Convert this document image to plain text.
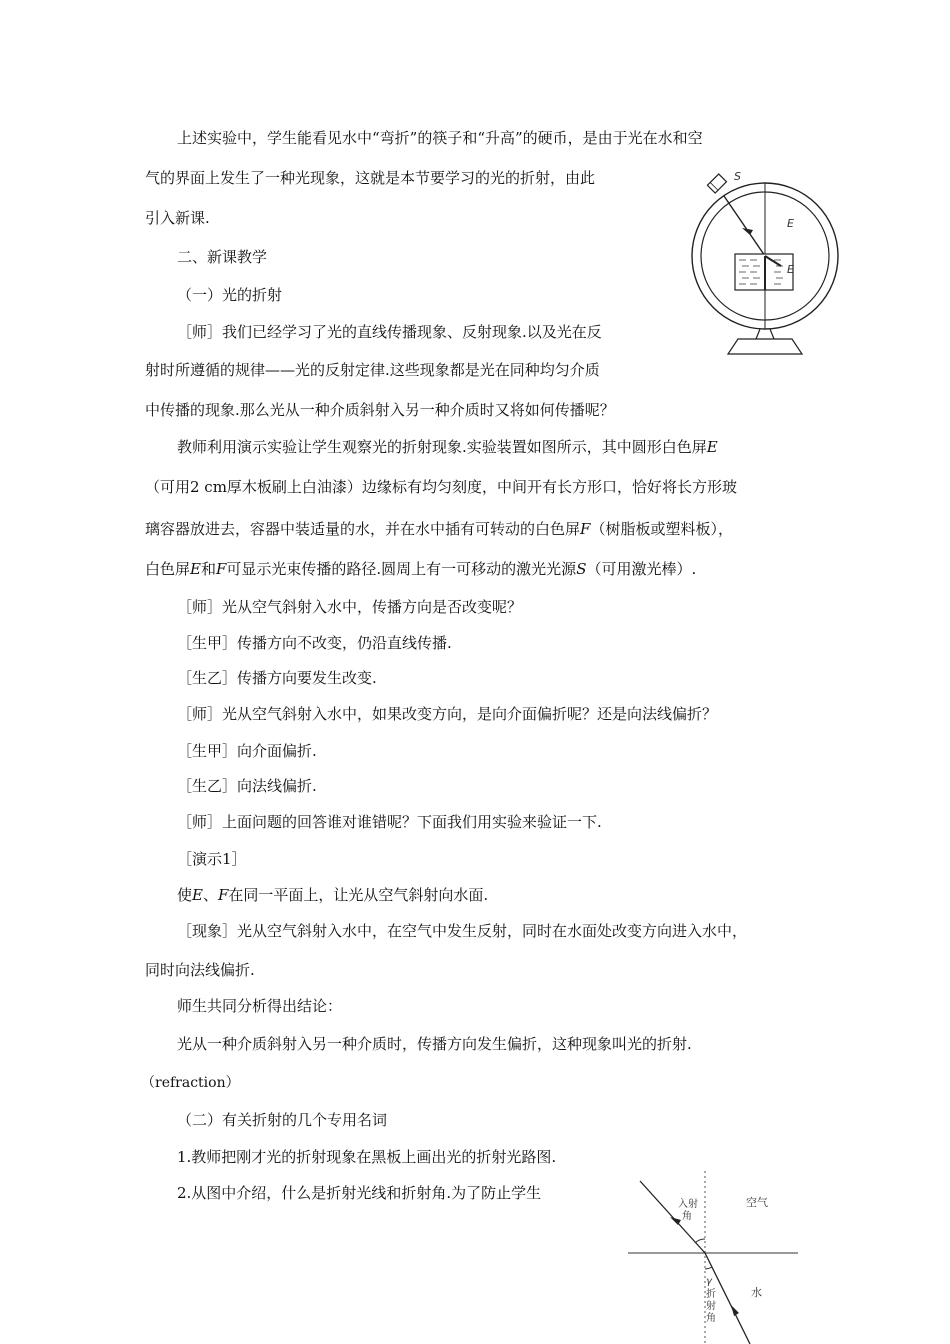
上述实验中，学生能看见水中“弯折”的筷子和“升高”的硬币，是由于光在水和空
气的界面上发生了一种光现象，这就是本节要学习的光的折射，由此
引入新课.
二、新课教学
（一）光的折射
［师］我们已经学习了光的直线传播现象、反射现象.以及光在反
射时所遵循的规律——光的反射定律.这些现象都是光在同种均匀介质
中传播的现象.那么光从一种介质斜射入另一种介质时又将如何传播呢？
教师利用演示实验让学生观察光的折射现象.实验装置如图所示，其中圆形白色屏E
（可用2 cm厚木板刷上白油漆）边缘标有均匀刻度，中间开有长方形口，恰好将长方形玻
璃容器放进去，容器中装适量的水，并在水中插有可转动的白色屏F（树脂板或塑料板），
白色屏E和F可显示光束传播的路径.圆周上有一可移动的激光光源S（可用激光棒）.
［师］光从空气斜射入水中，传播方向是否改变呢？
［生甲］传播方向不改变，仍沿直线传播.
［生乙］传播方向要发生改变.
［师］光从空气斜射入水中，如果改变方向，是向介面偏折呢？还是向法线偏折？
［生甲］向介面偏折.
［生乙］向法线偏折.
［师］上面问题的回答谁对谁错呢？下面我们用实验来验证一下.
［演示1］
使E、F在同一平面上，让光从空气斜射向水面.
［现象］光从空气斜射入水中，在空气中发生反射，同时在水面处改变方向进入水中，
同时向法线偏折.
师生共同分析得出结论：
光从一种介质斜射入另一种介质时，传播方向发生偏折，这种现象叫光的折射.
（refraction）
（二）有关折射的几个专用名词
1.教师把刚才光的折射现象在黑板上画出光的折射光路图.
2.从图中介绍，什么是折射光线和折射角.为了防止学生
S
E
E
入射
角
空气
水
γ
折
射
角
